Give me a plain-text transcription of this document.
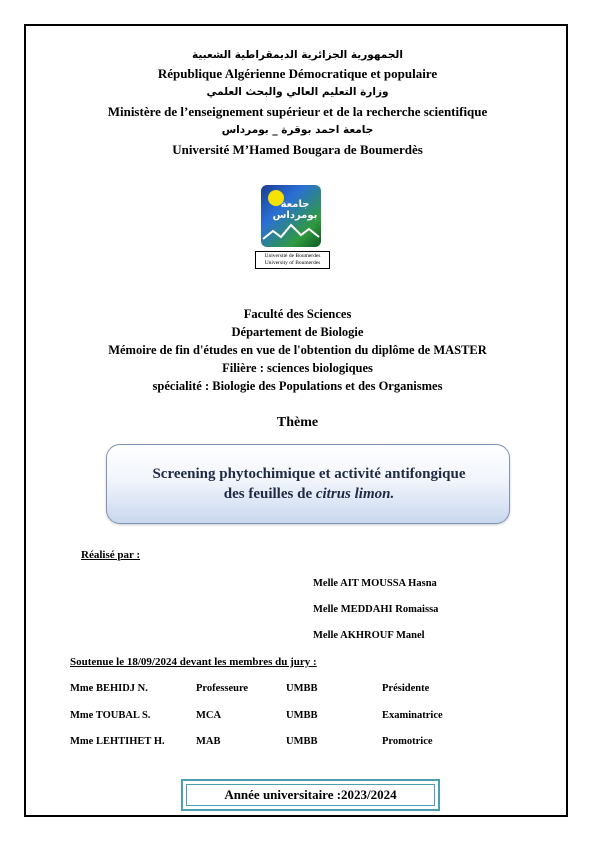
الجمهورية الجزائرية الديمقراطية الشعبية
République Algérienne Démocratique et populaire
وزارة التعليم العالي والبحث العلمي
Ministère de l’enseignement supérieur et de la recherche scientifique
جامعة احمد بوقرة _ بومرداس
Université M’Hamed Bougara de Boumerdès
جامعة بومرداس
Université de Boumerdes
University of Boumerdes
Faculté des Sciences
Département de Biologie
Mémoire de fin d'études en vue de l'obtention du diplôme de MASTER
Filière : sciences biologiques
spécialité : Biologie des Populations et des Organismes
Thème
Screening phytochimique et activité antifongique
des feuilles de citrus limon.
Réalisé par :
Melle AIT MOUSSA Hasna
Melle MEDDAHI Romaissa
Melle AKHROUF Manel
Soutenue le 18/09/2024 devant les membres du jury :
Mme BEHIDJ N.	Professeure	UMBB	Présidente
Mme TOUBAL S.	MCA	UMBB	Examinatrice
Mme LEHTIHET H.	MAB	UMBB	Promotrice
Année universitaire :2023/2024
